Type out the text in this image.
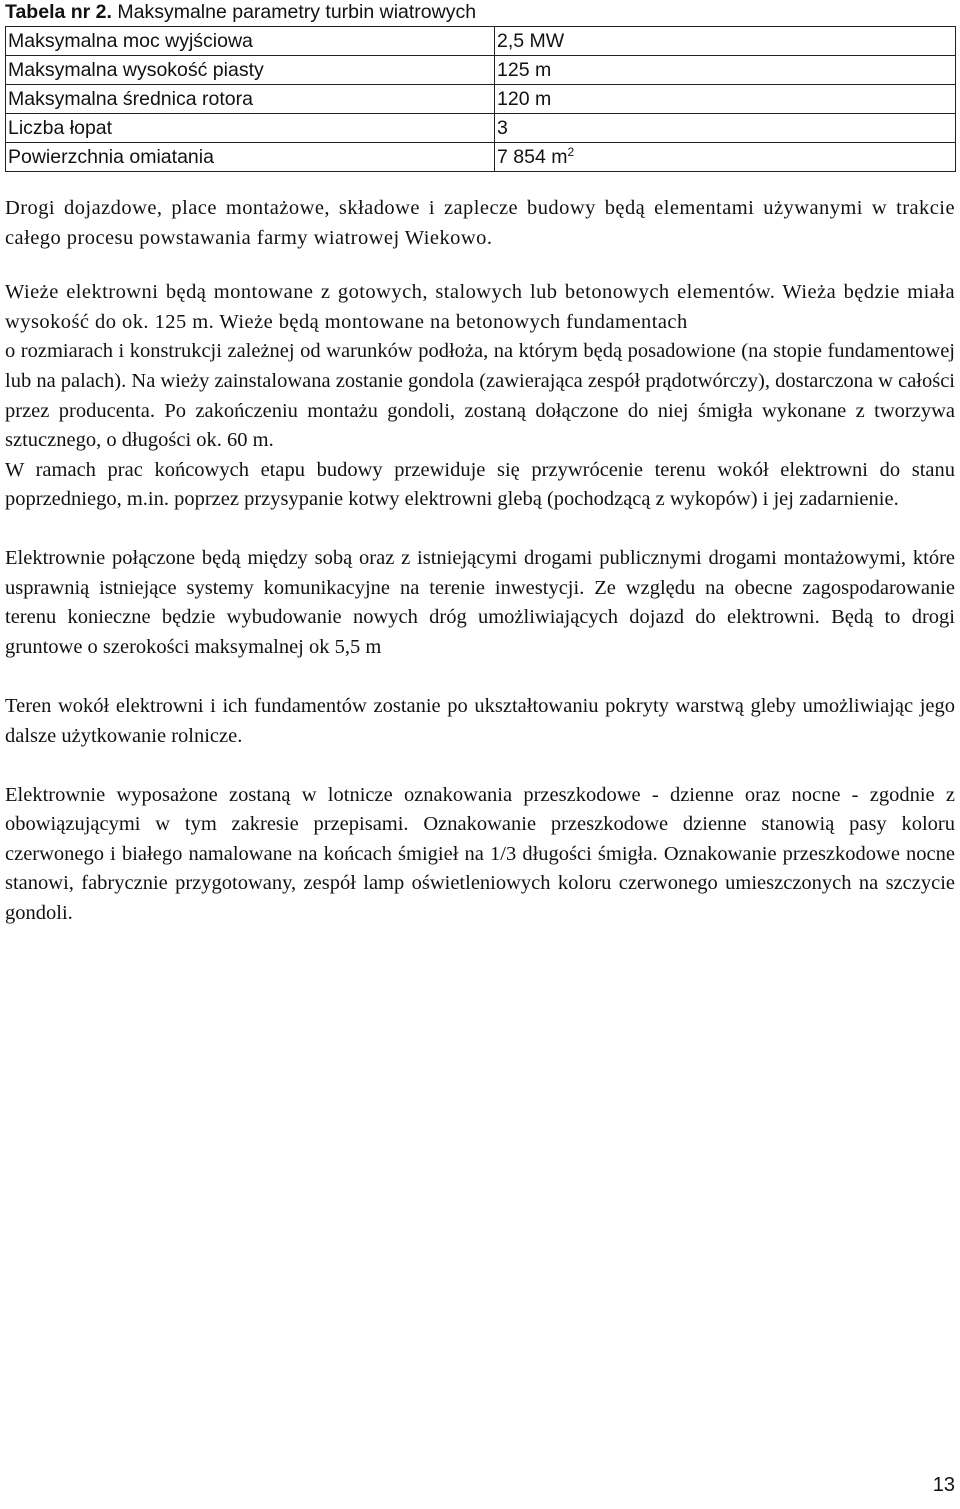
Tabela nr 2. Maksymalne parametry turbin wiatrowych
Maksymalna moc wyjściowa	2,5 MW
Maksymalna wysokość piasty	125 m
Maksymalna średnica rotora	120 m
Liczba łopat	3
Powierzchnia omiatania	7 854 $m^2$

Drogi dojazdowe, place montażowe, składowe i zaplecze budowy będą elementami używanymi w trakcie całego procesu powstawania farmy wiatrowej Wiekowo.

Wieże elektrowni będą montowane z gotowych, stalowych lub betonowych elementów. Wieża będzie miała wysokość do ok. 125 m. Wieże będą montowane na betonowych fundamentach
o rozmiarach i konstrukcji zależnej od warunków podłoża, na którym będą posadowione (na stopie fundamentowej lub na palach). Na wieży zainstalowana zostanie gondola (zawierająca zespół prądotwórczy), dostarczona w całości przez producenta. Po zakończeniu montażu gondoli, zostaną dołączone do niej śmigła wykonane z tworzywa sztucznego, o długości ok. 60 m.
W ramach prac końcowych etapu budowy przewiduje się przywrócenie terenu wokół elektrowni do stanu poprzedniego, m.in. poprzez przysypanie kotwy elektrowni glebą (pochodzącą z wykopów) i jej zadarnienie.

Elektrownie połączone będą między sobą oraz z istniejącymi drogami publicznymi drogami montażowymi, które usprawnią istniejące systemy komunikacyjne na terenie inwestycji. Ze względu na obecne zagospodarowanie terenu konieczne będzie wybudowanie nowych dróg umożliwiających dojazd do elektrowni. Będą to drogi gruntowe o szerokości maksymalnej ok 5,5 m

Teren wokół elektrowni i ich fundamentów zostanie po ukształtowaniu pokryty warstwą gleby umożliwiając jego dalsze użytkowanie rolnicze.

Elektrownie wyposażone zostaną w lotnicze oznakowania przeszkodowe - dzienne oraz nocne - zgodnie z obowiązującymi w tym zakresie przepisami. Oznakowanie przeszkodowe dzienne stanowią pasy koloru czerwonego i białego namalowane na końcach śmigieł na 1/3 długości śmigła. Oznakowanie przeszkodowe nocne stanowi, fabrycznie przygotowany, zespół lamp oświetleniowych koloru czerwonego umieszczonych na szczycie gondoli.

13
